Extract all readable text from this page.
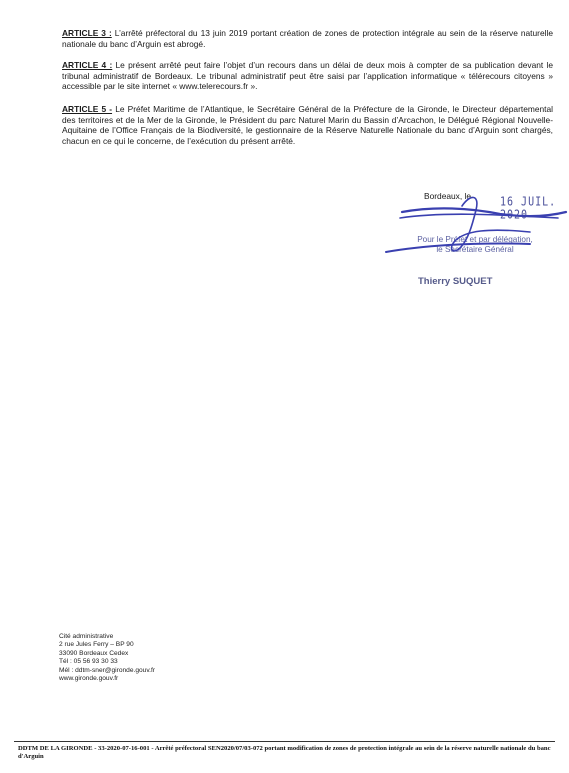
ARTICLE 3 : L’arrêté préfectoral du 13 juin 2019 portant création de zones de protection intégrale au sein de la réserve naturelle nationale du banc d’Arguin est abrogé.
ARTICLE 4 : Le présent arrêté peut faire l’objet d’un recours dans un délai de deux mois à compter de sa publication devant le tribunal administratif de Bordeaux. Le tribunal administratif peut être saisi par l’application informatique « télérecours citoyens » accessible par le site internet « www.telerecours.fr ».
ARTICLE 5 - Le Préfet Maritime de l’Atlantique, le Secrétaire Général de la Préfecture de la Gironde, le Directeur départemental des territoires et de la Mer de la Gironde, le Président du parc Naturel Marin du Bassin d’Arcachon, le Délégué Régional Nouvelle-Aquitaine de l’Office Français de la Biodiversité, le gestionnaire de la Réserve Naturelle Nationale du banc d’Arguin sont chargés, chacun en ce qui le concerne, de l’exécution du présent arrêté.
Bordeaux, le	16 JUIL. 2020
Pour le Préfet et par délégation,
le Secrétaire Général
Thierry SUQUET
Cité administrative
2 rue Jules Ferry – BP 90
33090 Bordeaux Cedex
Tél : 05 56 93 30 33
Mél : ddtm-sner@gironde.gouv.fr
www.gironde.gouv.fr
DDTM DE LA GIRONDE - 33-2020-07-16-001 - Arrêté préfectoral SEN2020/07/03-072 portant modification de zones de protection intégrale au sein de la réserve naturelle nationale du banc d'Arguin
